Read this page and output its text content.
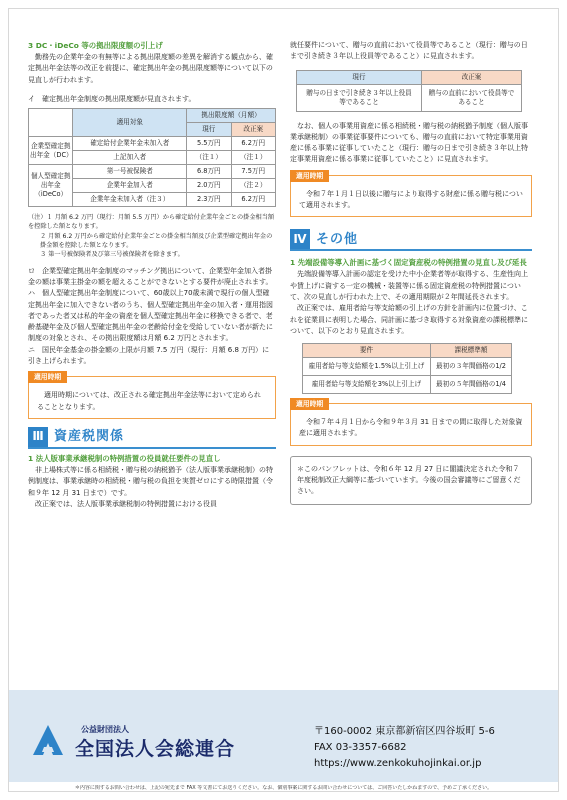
3 DC・iDeCo 等の拠出限度額の引上げ

勤務先の企業年金の有無等による拠出限度額の差異を解消する観点から、確定拠出年金法等の改正を前提に、確定拠出年金の拠出限度額等について以下の見直しが行われます。

イ　確定拠出年金制度の拠出限度額が見直されます。

	適用対象	拠出限度額（月額）	
		現行	改正案
企業型確定拠出年金（DC）	確定給付企業年金未加入者	5.5万円	6.2万円
	上記加入者	（注１）	（注１）
個人型確定拠出年金（iDeCo）	第一号被保険者	6.8万円	7.5万円
	企業年金加入者	2.0万円	（注２）
	企業年金未加入者（注３）	2.3万円	6.2万円

（注）１ 月額 6.2 万円（現行：月額 5.5 万円）から確定給付企業年金ごとの掛金相当額を控除した額となります。

２ 月額 6.2 万円から確定給付企業年金ごとの掛金相当額及び企業型確定拠出年金の掛金額を控除した額となります。

３ 第一号被保険者及び第三号被保険者を除きます。

ロ　企業型確定拠出年金制度のマッチング拠出について、企業型年金加入者掛金の額は事業主掛金の額を超えることができないとする要件が廃止されます。

ハ　個人型確定拠出年金制度について、60歳以上70歳未満で現行の個人型確定拠出年金に加入できない者のうち、個人型確定拠出年金の加入者・運用指図者であった者又は私的年金の資産を個人型確定拠出年金に移換できる者で、老齢基礎年金及び個人型確定拠出年金の老齢給付金を受給していない者が新たに制度の対象とされ、その拠出限度額は月額 6.2 万円とされます。

ニ　国民年金基金の掛金額の上限が月額 7.5 万円（現行：月額 6.8 万円）に引き上げられます。

適用時期

適用時期については、改正される確定拠出年金法等において定められることとなります。

Ⅲ 資産税関係

1 法人版事業承継税制の特例措置の役員就任要件の見直し

非上場株式等に係る相続税・贈与税の納税猶予（法人版事業承継税制）の特例制度は、事業承継時の相続税・贈与税の負担を実質ゼロにする時限措置（令和９年 12 月 31 日まで）です。

改正案では、法人版事業承継税制の特例措置における役員

就任要件について、贈与の直前において役員等であること（現行：贈与の日まで引き続き３年以上役員等であること）に見直されます。

現行	改正案
贈与の日まで引き続き３年以上役員等であること	贈与の直前において役員等であること

なお、個人の事業用資産に係る相続税・贈与税の納税猶予制度（個人版事業承継税制）の事業従事要件についても、贈与の直前において特定事業用資産に係る事業に従事していたこと（現行：贈与の日まで引き続き３年以上特定事業用資産に係る事業に従事していたこと）に見直されます。

適用時期

令和７年１月１日以後に贈与により取得する財産に係る贈与税について適用されます。

Ⅳ その他

1 先端設備等導入計画に基づく固定資産税の特例措置の見直し及び延長

先端設備等導入計画の認定を受けた中小企業者等が取得する、生産性向上や賃上げに資する一定の機械・装置等に係る固定資産税の特例措置について、次の見直しが行われた上で、その適用期限が２年間延長されます。

改正案では、雇用者給与等支給額の引上げの方針を計画内に位置づけ、これを従業員に表明した場合、同計画に基づき取得する対象資産の課税標準について、以下のとおり見直されます。

要件	課税標準額
雇用者給与等支給額を1.5%以上引上げ	最初の３年間価格の1/2
雇用者給与等支給額を3%以上引上げ	最初の５年間価格の1/4
適用時期

令和７年４月１日から令和９年３月 31 日までの間に取得した対象資産に適用されます。

＊このパンフレットは、令和６年 12 月 27 日に閣議決定された令和７年度税制改正大綱等に基づいています。今後の国会審議等にご留意ください。

公益財団法人
全国法人会総連合

〒160-0002 東京都新宿区四谷坂町 5-6

FAX 03-3357-6682

https://www.zenkokuhojinkai.or.jp

＊内容に関するお問い合わせは、上記の宛先まで FAX 等文書にてお送りください。なお、個別事案に関するお問い合わせについては、ご回答いたしかねますので、予めご了承ください。
